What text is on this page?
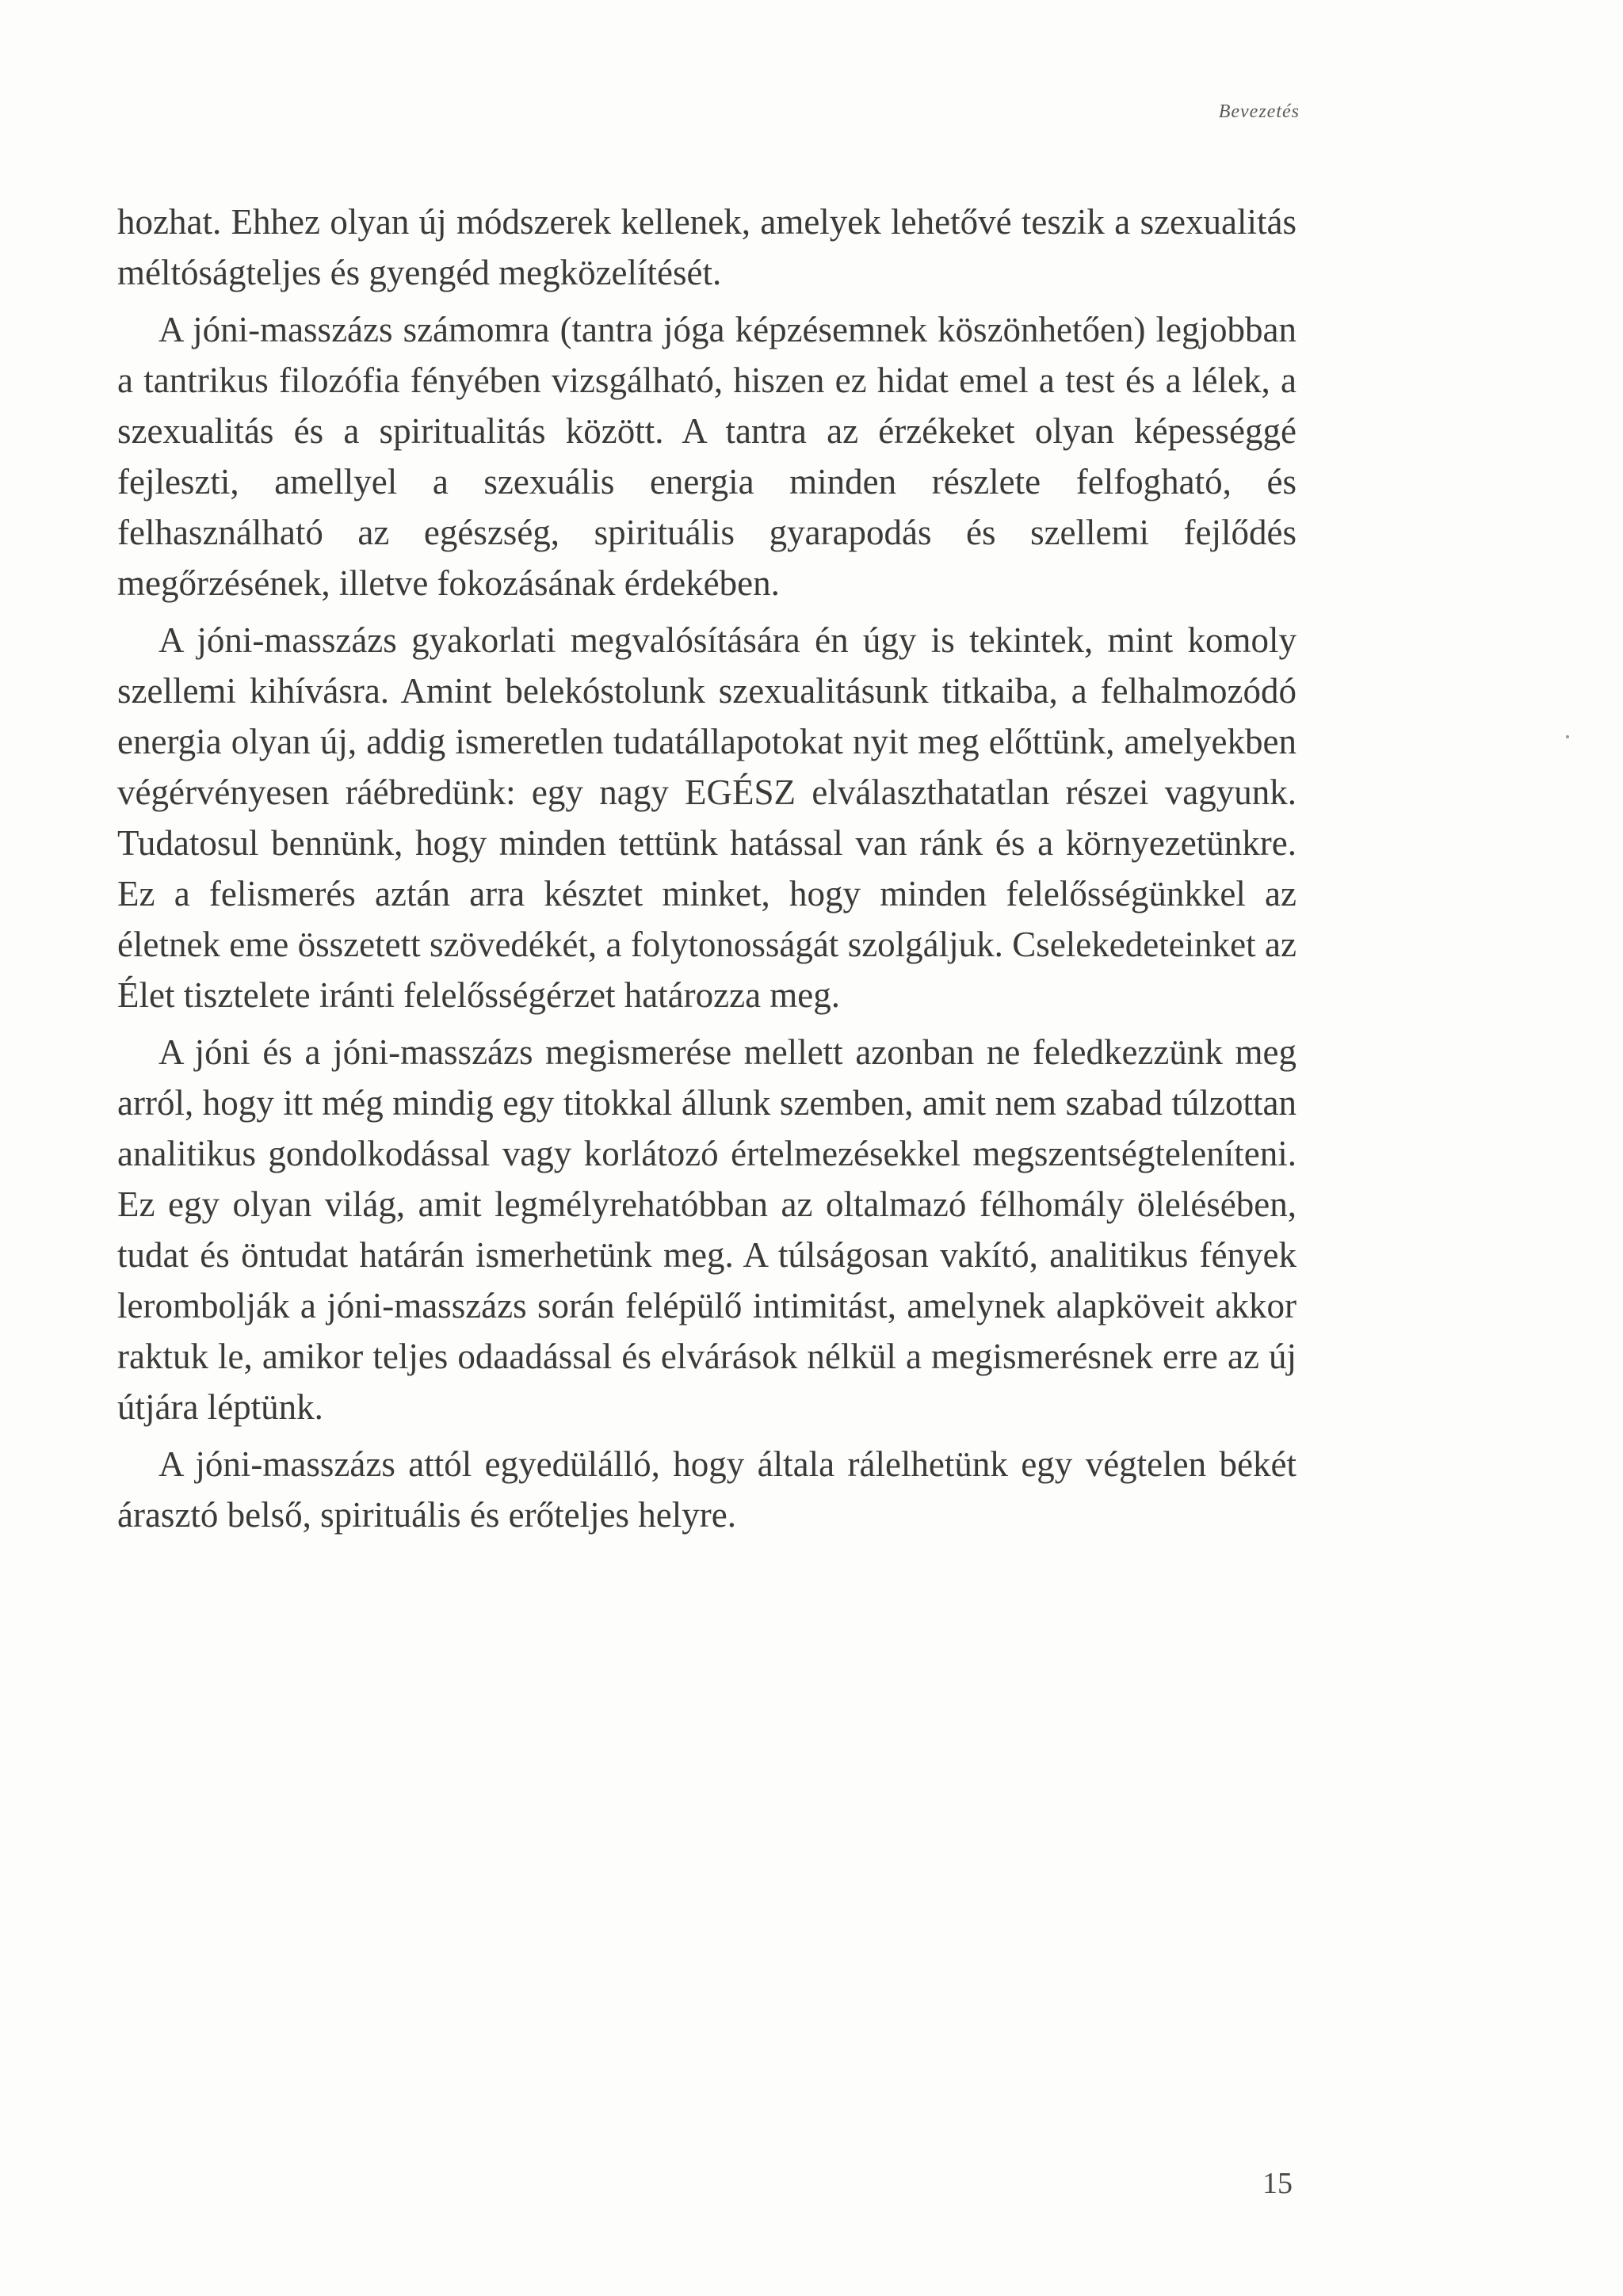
Bevezetés

hozhat. Ehhez olyan új módszerek kellenek, amelyek lehetővé teszik a szexualitás méltóságteljes és gyengéd megközelítését.

A jóni-masszázs számomra (tantra jóga képzésemnek köszönhetően) legjobban a tantrikus filozófia fényében vizsgálható, hiszen ez hidat emel a test és a lélek, a szexualitás és a spiritualitás között. A tantra az érzékeket olyan képességgé fejleszti, amellyel a szexuális energia minden részlete felfogható, és felhasználható az egészség, spirituális gyarapodás és szellemi fejlődés megőrzésének, illetve fokozásának érdekében.

A jóni-masszázs gyakorlati megvalósítására én úgy is tekintek, mint komoly szellemi kihívásra. Amint belekóstolunk szexualitásunk titkaiba, a felhalmozódó energia olyan új, addig ismeretlen tudatállapotokat nyit meg előttünk, amelyekben végérvényesen ráébredünk: egy nagy EGÉSZ elválaszthatatlan részei vagyunk. Tudatosul bennünk, hogy minden tettünk hatással van ránk és a környezetünkre. Ez a felismerés aztán arra késztet minket, hogy minden felelősségünkkel az életnek eme összetett szövedékét, a folytonosságát szolgáljuk. Cselekedeteinket az Élet tisztelete iránti felelősségérzet határozza meg.

A jóni és a jóni-masszázs megismerése mellett azonban ne feledkezzünk meg arról, hogy itt még mindig egy titokkal állunk szemben, amit nem szabad túlzottan analitikus gondolkodással vagy korlátozó értelmezésekkel megszentségteleníteni. Ez egy olyan világ, amit legmélyrehatóbban az oltalmazó félhomály ölelésében, tudat és öntudat határán ismerhetünk meg. A túlságosan vakító, analitikus fények lerombolják a jóni-masszázs során felépülő intimitást, amelynek alapköveit akkor raktuk le, amikor teljes odaadással és elvárások nélkül a megismerésnek erre az új útjára léptünk.

A jóni-masszázs attól egyedülálló, hogy általa rálelhetünk egy végtelen békét árasztó belső, spirituális és erőteljes helyre.

15
